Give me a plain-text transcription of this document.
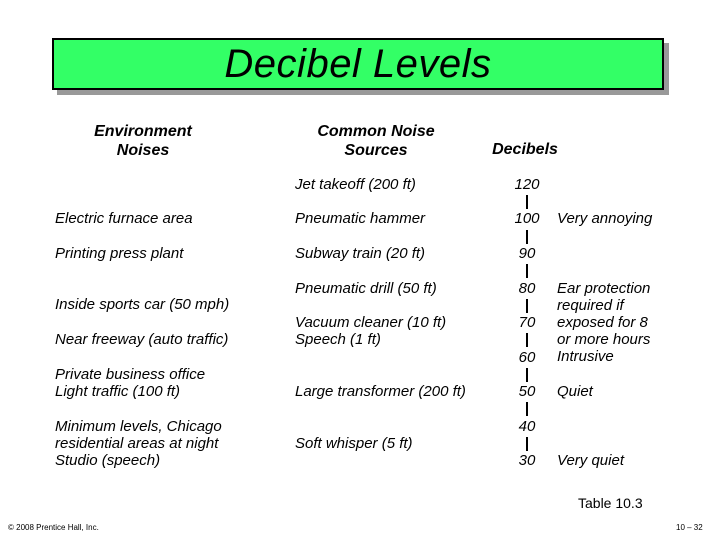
Decibel Levels
Environment
Noises
Common Noise
Sources	Decibels
Electric furnace area
Printing press plant
Inside sports car (50 mph)
Near freeway (auto traffic)
Private business office
Light traffic (100 ft)
Minimum levels, Chicago
residential areas at night
Studio (speech)
Jet takeoff (200 ft)
Pneumatic hammer
Subway train (20 ft)
Pneumatic drill (50 ft)
Vacuum cleaner (10 ft)
Speech (1 ft)
Large transformer (200 ft)
Soft whisper (5 ft)
120
100
90
80
70
60
50
40
30
Very annoying
Ear protection
required if
exposed for 8
or more hours
Intrusive
Quiet
Very quiet
Table 10.3
© 2008 Prentice Hall, Inc.	10 – 32
